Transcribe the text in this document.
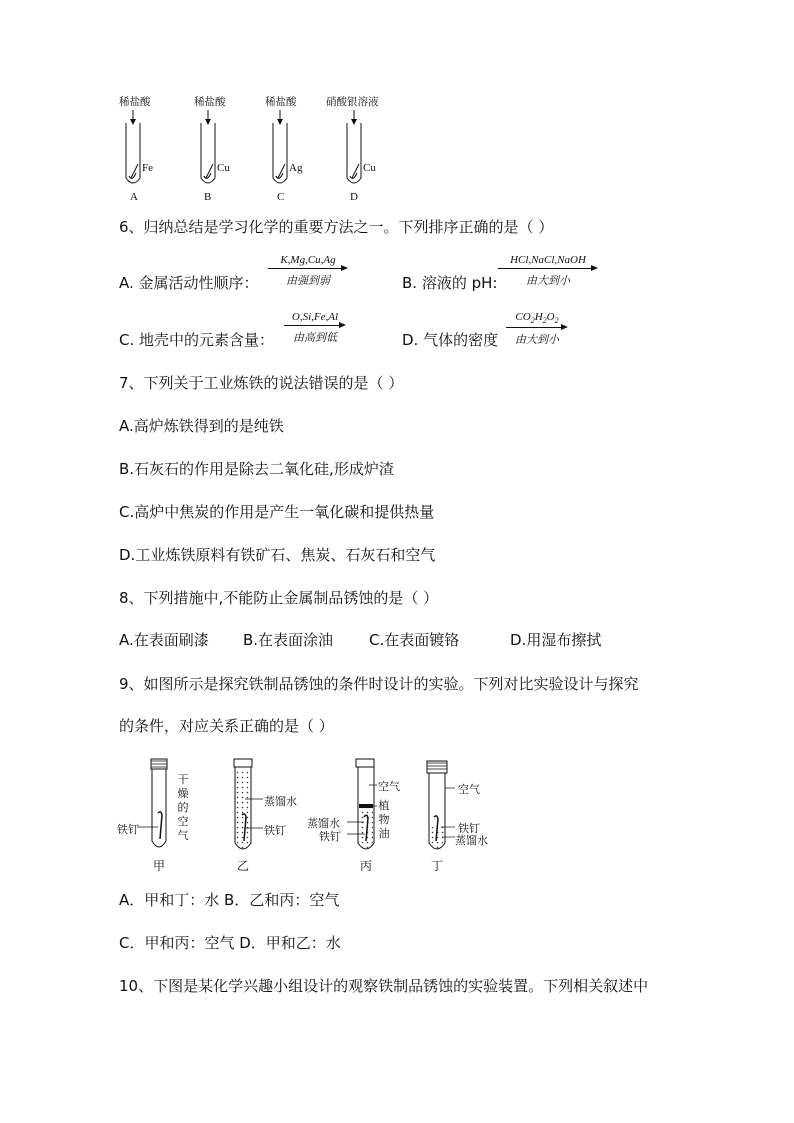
稀盐酸	稀盐酸	稀盐酸	硝酸银溶液
Fe	Cu	Ag	Cu
A	B	C	D
6、归纳总结是学习化学的重要方法之一。下列排序正确的是（ ）
A. 金属活动性顺序：
K,Mg,Cu,Ag
由强到弱	B. 溶液的 pH:
HCl,NaCl,NaOH
由大到小
C. 地壳中的元素含量：
O,Si,Fe,Al
由高到低	D. 气体的密度
$CO_2H_2O_2$
由大到小
7、下列关于工业炼铁的说法错误的是（ ）
A.高炉炼铁得到的是纯铁
B.石灰石的作用是除去二氧化硅,形成炉渣
C.高炉中焦炭的作用是产生一氧化碳和提供热量
D.工业炼铁原料有铁矿石、焦炭、石灰石和空气
8、下列措施中,不能防止金属制品锈蚀的是（ ）
A.在表面刷漆 B.在表面涂油 C.在表面镀铬	D.用湿布擦拭
9、如图所示是探究铁制品锈蚀的条件时设计的实验。下列对比实验设计与探究
的条件，对应关系正确的是（ ）
干
燥
的
空
气
铁钉
甲
蒸馏水
铁钉
乙
空气
植
物
油
蒸馏水
铁钉
丙
空气
铁钉
蒸馏水
丁
A．甲和丁：水 B．乙和丙：空气
C．甲和丙：空气 D．甲和乙：水
10、下图是某化学兴趣小组设计的观察铁制品锈蚀的实验装置。下列相关叙述中
